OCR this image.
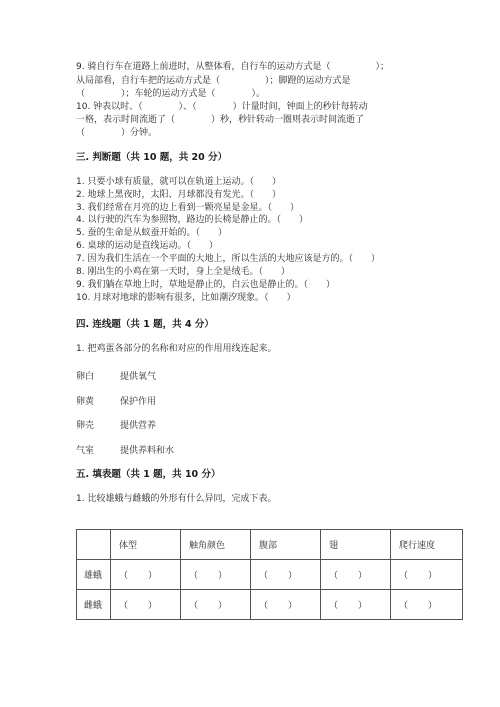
9. 骑自行车在道路上前进时，从整体看，自行车的运动方式是（　　　　　）；
从局部看，自行车把的运动方式是（　　　　　）；脚蹬的运动方式是
（　　　　）；车轮的运动方式是（　　　　）。
10. 钟表以时、（　　　　）、（　　　　）计量时间，钟面上的秒针每转动
一格，表示时间流逝了（　　　　）秒，秒针转动一圈则表示时间流逝了
（　　　　）分钟。
三. 判断题（共 10 题，共 20 分）
1. 只要小球有质量，就可以在轨道上运动。（　　）
2. 地球上黑夜时，太阳、月球都没有发光。（　　）
3. 我们经常在月亮的边上看到一颗亮星是金星。（　　）
4. 以行驶的汽车为参照物，路边的长椅是静止的。（　　）
5. 蚕的生命是从蚁蚕开始的。（　　）
6. 桌球的运动是直线运动。（　　）
7. 因为我们生活在一个平面的大地上，所以生活的大地应该是方的。（　　）
8. 刚出生的小鸡在第一天时，身上全是绒毛。（　　）
9. 我们躺在草地上时，草地是静止的，白云也是静止的。（　　）
10. 月球对地球的影响有很多，比如潮汐现象。（　　）
四. 连线题（共 1 题，共 4 分）
1. 把鸡蛋各部分的名称和对应的作用用线连起来。
卵白	提供氧气
卵黄	保护作用
卵壳	提供营养
气室	提供养料和水
五. 填表题（共 1 题，共 10 分）
1. 比较雄蛾与雌蛾的外形有什么异同，完成下表。
	体型	触角颜色	腹部	翅	爬行速度
雄蛾	（ ）	（ ）	（ ）	（ ）	（ ）

雌蛾	（ ）	（ ）	（ ）	（ ）	（ ）
